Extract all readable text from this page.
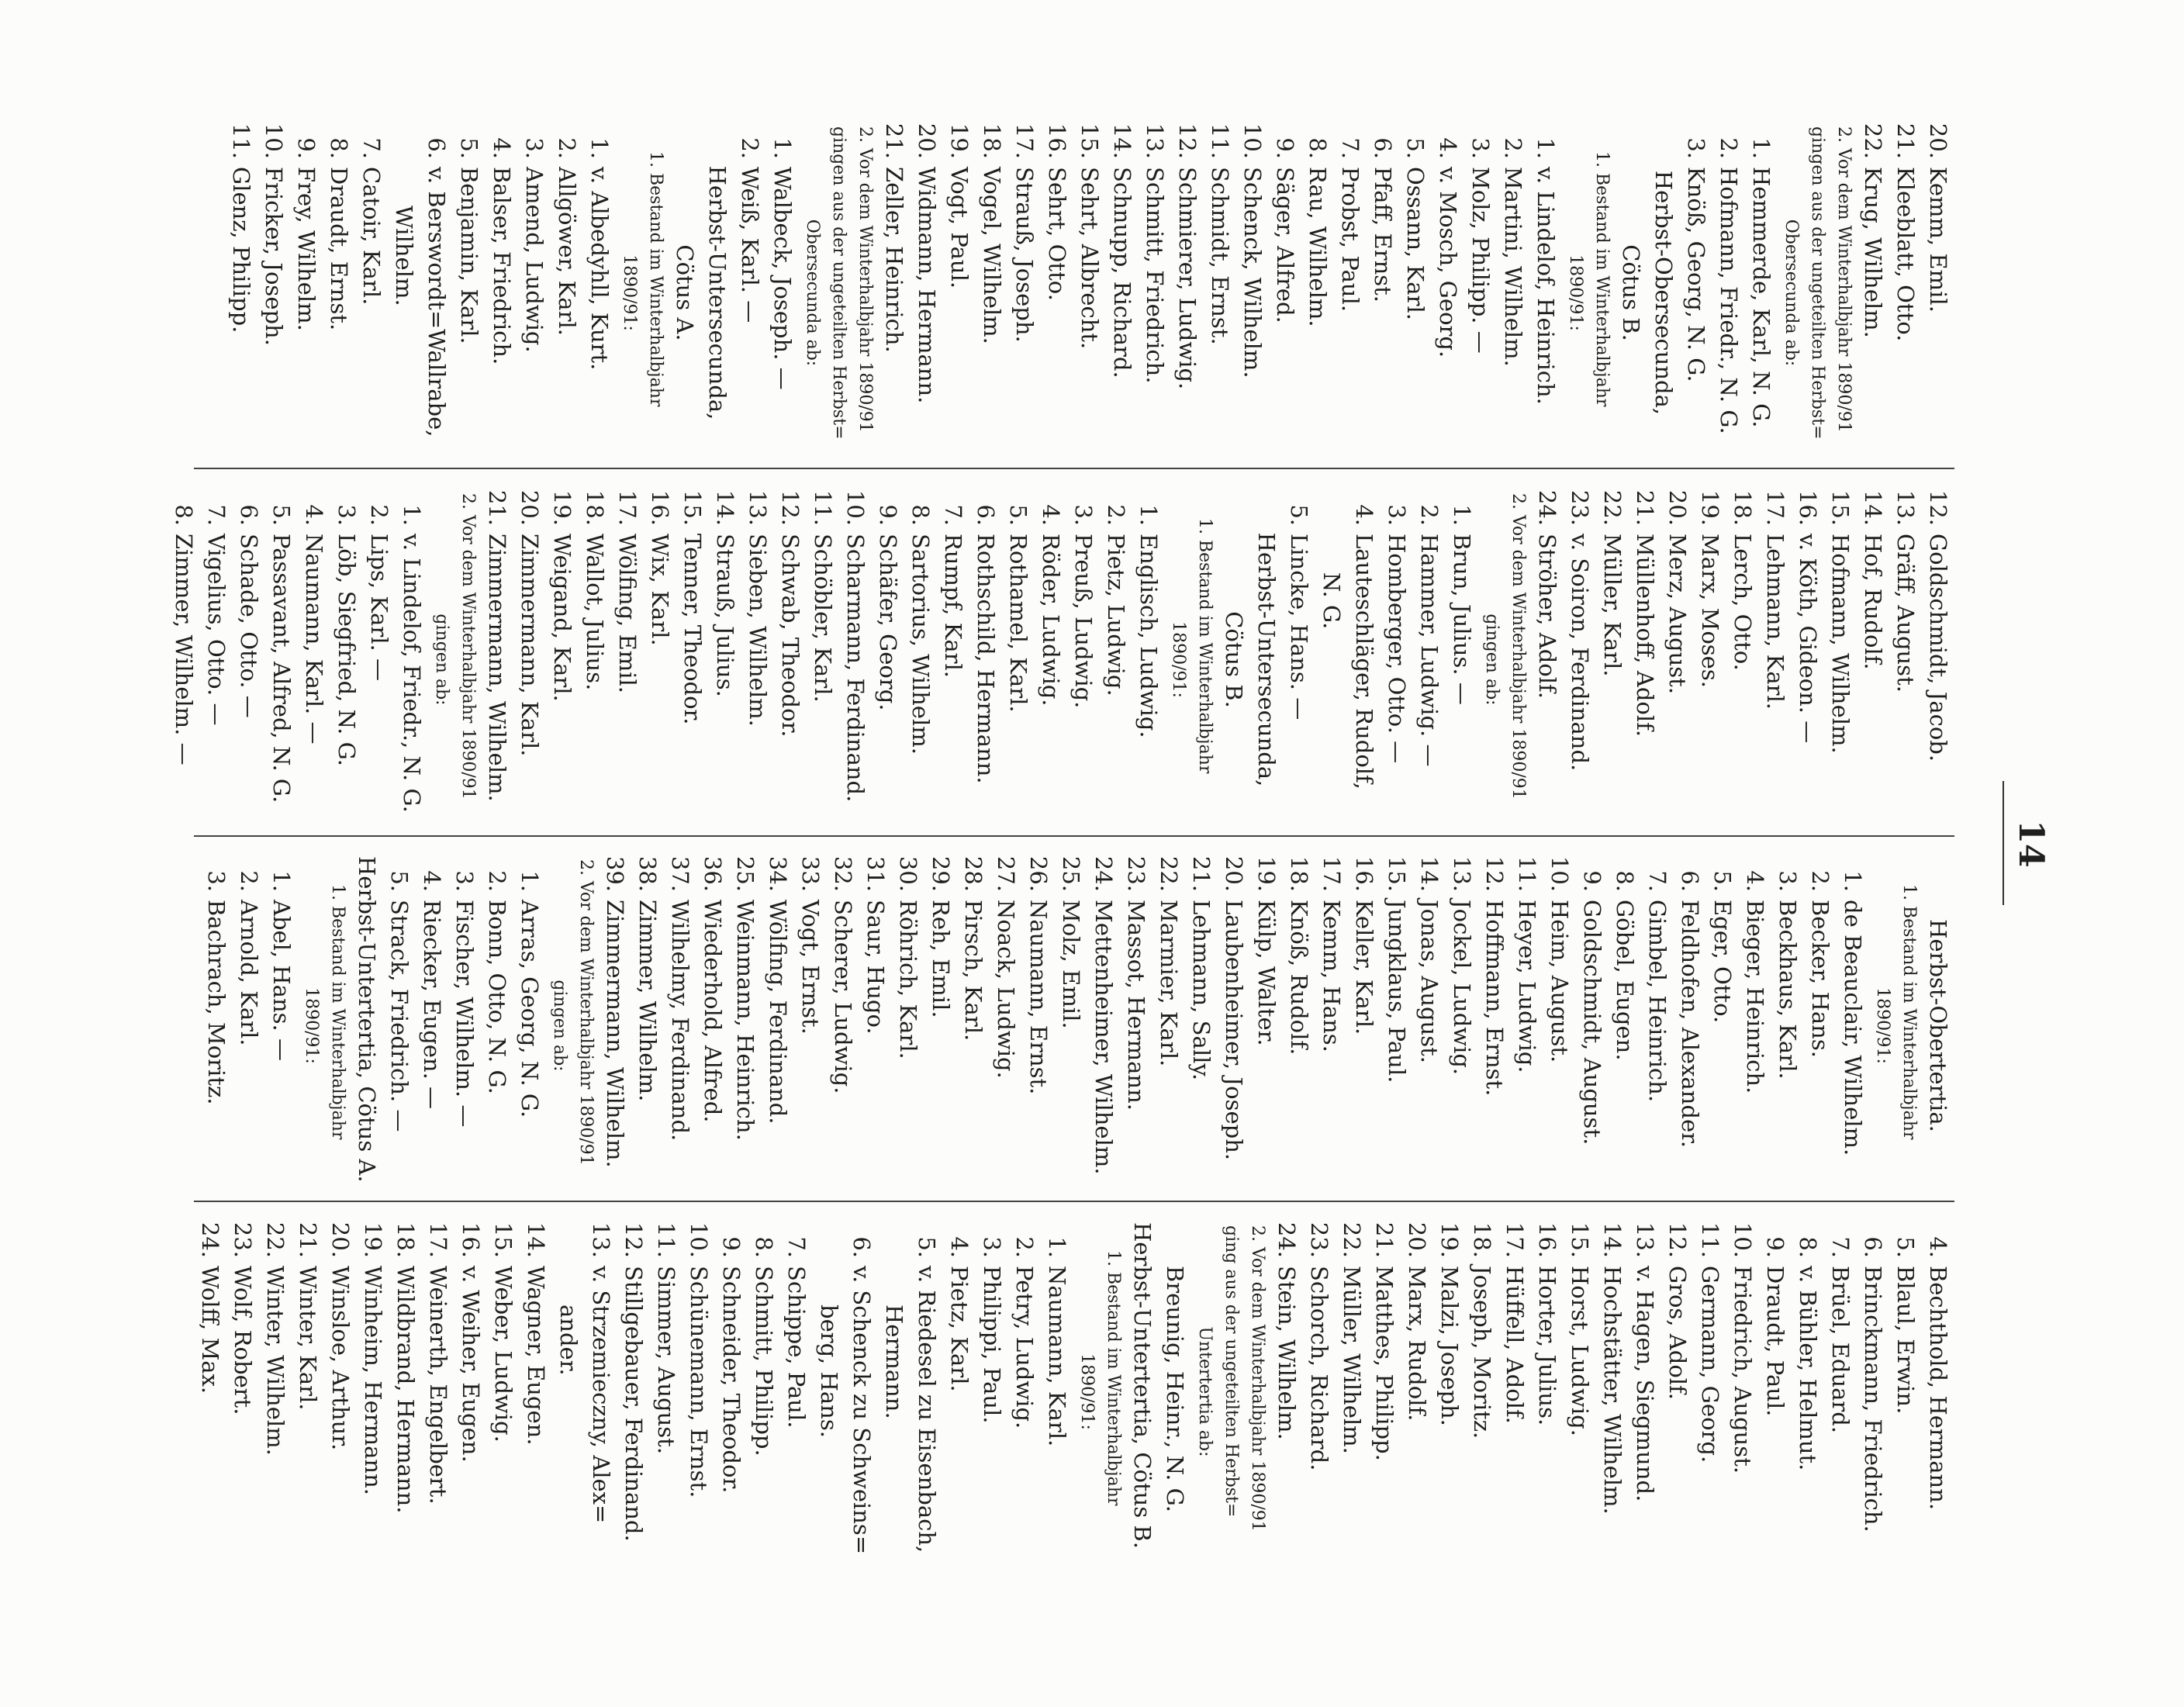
14
20.Kemm, Emil.
21.Kleeblatt, Otto.
22.Krug, Wilhelm.
2. Vor dem Winterhalbjahr 1890/91
gingen aus der ungeteilten Herbst=
Obersecunda ab:
1.Hemmerde, Karl, N. G.
2.Hofmann, Friedr., N. G.
3.Knöß, Georg, N. G.
Herbst-Obersecunda,
Cötus B.
1. Bestand im Winterhalbjahr
1890/91:
1.v. Lindelof, Heinrich.
2.Martini, Wilhelm.
3.Molz, Philipp. —
4.v. Mosch, Georg.
5.Ossann, Karl.
6.Pfaff, Ernst.
7.Probst, Paul.
8.Rau, Wilhelm.
9.Säger, Alfred.
10.Schenck, Wilhelm.
11.Schmidt, Ernst.
12.Schmierer, Ludwig.
13.Schmitt, Friedrich.
14.Schnupp, Richard.
15.Sehrt, Albrecht.
16.Sehrt, Otto.
17.Strauß, Joseph.
18.Vogel, Wilhelm.
19.Vogt, Paul.
20.Widmann, Hermann.
21.Zeller, Heinrich.
2. Vor dem Winterhalbjahr 1890/91
gingen aus der ungeteilten Herbst=
Obersecunda ab:
1.Walbeck, Joseph. —
2.Weiß, Karl. —
Herbst-Untersecunda,
Cötus A.
1. Bestand im Winterhalbjahr
1890/91:
1.v. Albedyhll, Kurt.
2.Allgöwer, Karl.
3.Amend, Ludwig.
4.Balser, Friedrich.
5.Benjamin, Karl.
6.v. Berswordt=Wallrabe,
Wilhelm.
7.Catoir, Karl.
8.Draudt, Ernst.
9.Frey, Wilhelm.
10.Fricker, Joseph.
11.Glenz, Philipp.
12.Goldschmidt, Jacob.
13.Gräff, August.
14.Hof, Rudolf.
15.Hofmann, Wilhelm.
16.v. Köth, Gideon. —
17.Lehmann, Karl.
18.Lerch, Otto.
19.Marx, Moses.
20.Merz, August.
21.Müllenhoff, Adolf.
22.Müller, Karl.
23.v. Soiron, Ferdinand.
24.Ströher, Adolf.
2. Vor dem Winterhalbjahr 1890/91
gingen ab:
1.Brun, Julius. —
2.Hammer, Ludwig. —
3.Homberger, Otto. —
4.Lauteschläger, Rudolf,
N. G.
5.Lincke, Hans. —
Herbst-Untersecunda,
Cötus B.
1. Bestand im Winterhalbjahr
1890/91:
1.Englisch, Ludwig.
2.Pietz, Ludwig.
3.Preuß, Ludwig.
4.Röder, Ludwig.
5.Rothamel, Karl.
6.Rothschild, Hermann.
7.Rumpf, Karl.
8.Sartorius, Wilhelm.
9.Schäfer, Georg.
10.Scharmann, Ferdinand.
11.Schöbler, Karl.
12.Schwab, Theodor.
13.Sieben, Wilhelm.
14.Strauß, Julius.
15.Tenner, Theodor.
16.Wix, Karl.
17.Wölfing, Emil.
18.Wallot, Julius.
19.Weigand, Karl.
20.Zimmermann, Karl.
21.Zimmermann, Wilhelm.
2. Vor dem Winterhalbjahr 1890/91
gingen ab:
1.v. Lindelof, Friedr., N. G.
2.Lips, Karl. —
3.Löb, Siegfried, N. G.
4.Naumann, Karl. —
5.Passavant, Alfred, N. G.
6.Schade, Otto. —
7.Vigelius, Otto. —
8.Zimmer, Wilhelm. —
Herbst-Obertertia.
1. Bestand im Winterhalbjahr
1890/91:
1.de Beauclair, Wilhelm.
2.Becker, Hans.
3.Beckhaus, Karl.
4.Bieger, Heinrich.
5.Eger, Otto.
6.Feldhofen, Alexander.
7.Gimbel, Heinrich.
8.Göbel, Eugen.
9.Goldschmidt, August.
10.Heim, August.
11.Heyer, Ludwig.
12.Hoffmann, Ernst.
13.Jockel, Ludwig.
14.Jonas, August.
15.Jungklaus, Paul.
16.Keller, Karl.
17.Kemm, Hans.
18.Knöß, Rudolf.
19.Külp, Walter.
20.Laubenheimer, Joseph.
21.Lehmann, Sally.
22.Marmier, Karl.
23.Massot, Hermann.
24.Mettenheimer, Wilhelm.
25.Molz, Emil.
26.Naumann, Ernst.
27.Noack, Ludwig.
28.Pirsch, Karl.
29.Reh, Emil.
30.Röhrich, Karl.
31.Saur, Hugo.
32.Scherer, Ludwig.
33.Vogt, Ernst.
34.Wölfing, Ferdinand.
25.Weinmann, Heinrich.
36.Wiederhold, Alfred.
37.Wilhelmy, Ferdinand.
38.Zimmer, Wilhelm.
39.Zimmermann, Wilhelm.
2. Vor dem Winterhalbjahr 1890/91
gingen ab:
1.Arras, Georg, N. G.
2.Bonn, Otto, N. G.
3.Fischer, Wilhelm. —
4.Riecker, Eugen. —
5.Strack, Friedrich. —
Herbst-Untertertia, Cötus A.
1. Bestand im Winterhalbjahr
1890/91:
1.Abel, Hans. —
2.Arnold, Karl.
3.Bachrach, Moritz.
4.Bechthold, Hermann.
5.Blaul, Erwin.
6.Brinckmann, Friedrich.
7.Brüel, Eduard.
8.v. Bühler, Helmut.
9.Draudt, Paul.
10.Friedrich, August.
11.Germann, Georg.
12.Gros, Adolf.
13.v. Hagen, Siegmund.
14.Hochstätter, Wilhelm.
15.Horst, Ludwig.
16.Horter, Julius.
17.Hüffell, Adolf.
18.Joseph, Moritz.
19.Malzi, Joseph.
20.Marx, Rudolf.
21.Matthes, Philipp.
22.Müller, Wilhelm.
23.Schorch, Richard.
24.Stein, Wilhelm.
2. Vor dem Winterhalbjahr 1890/91
ging aus der ungeteilten Herbst=
Untertertia ab:
Breunig, Heinr., N. G.
Herbst-Untertertia, Cötus B.
1. Bestand im Winterhalbjahr
1890/91:
1.Naumann, Karl.
2.Petry, Ludwig.
3.Philippi, Paul.
4.Pietz, Karl.
5.v. Riedesel zu Eisenbach,
Hermann.
6.v. Schenck zu Schweins=
berg, Hans.
7.Schippe, Paul.
8.Schmitt, Philipp.
9.Schneider, Theodor.
10.Schünemann, Ernst.
11.Simmer, August.
12.Stillgebauer, Ferdinand.
13.v. Strzemieczny, Alex=
ander.
14.Wagner, Eugen.
15.Weber, Ludwig.
16.v. Weiher, Eugen.
17.Weinerth, Engelbert.
18.Wildbrand, Hermann.
19.Winheim, Hermann.
20.Winsloe, Arthur.
21.Winter, Karl.
22.Winter, Wilhelm.
23.Wolf, Robert.
24.Wolff, Max.
